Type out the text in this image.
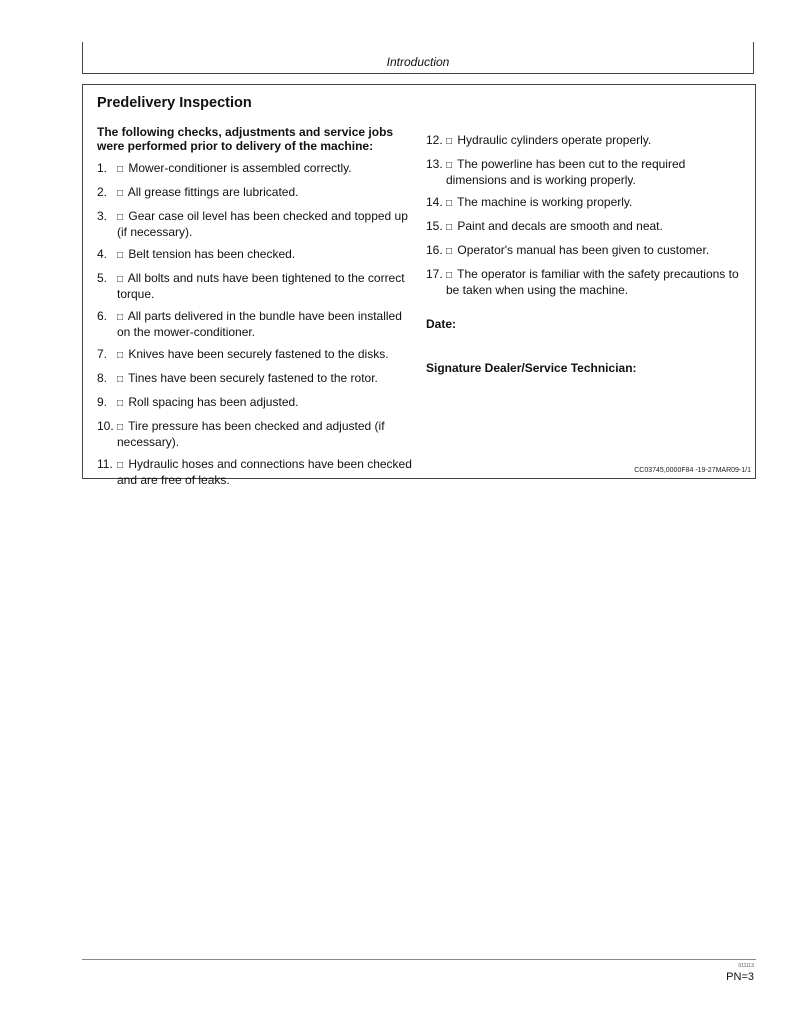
Introduction
Predelivery Inspection
The following checks, adjustments and service jobs were performed prior to delivery of the machine:
1. □ Mower-conditioner is assembled correctly.
2. □ All grease fittings are lubricated.
3. □ Gear case oil level has been checked and topped up (if necessary).
4. □ Belt tension has been checked.
5. □ All bolts and nuts have been tightened to the correct torque.
6. □ All parts delivered in the bundle have been installed on the mower-conditioner.
7. □ Knives have been securely fastened to the disks.
8. □ Tines have been securely fastened to the rotor.
9. □ Roll spacing has been adjusted.
10. □ Tire pressure has been checked and adjusted (if necessary).
11. □ Hydraulic hoses and connections have been checked and are free of leaks.
12. □ Hydraulic cylinders operate properly.
13. □ The powerline has been cut to the required dimensions and is working properly.
14. □ The machine is working properly.
15. □ Paint and decals are smooth and neat.
16. □ Operator's manual has been given to customer.
17. □ The operator is familiar with the safety precautions to be taken when using the machine.
Date:
Signature Dealer/Service Technician:
CC03745,0000F84 -19-27MAR09-1/1
011113
PN=3
